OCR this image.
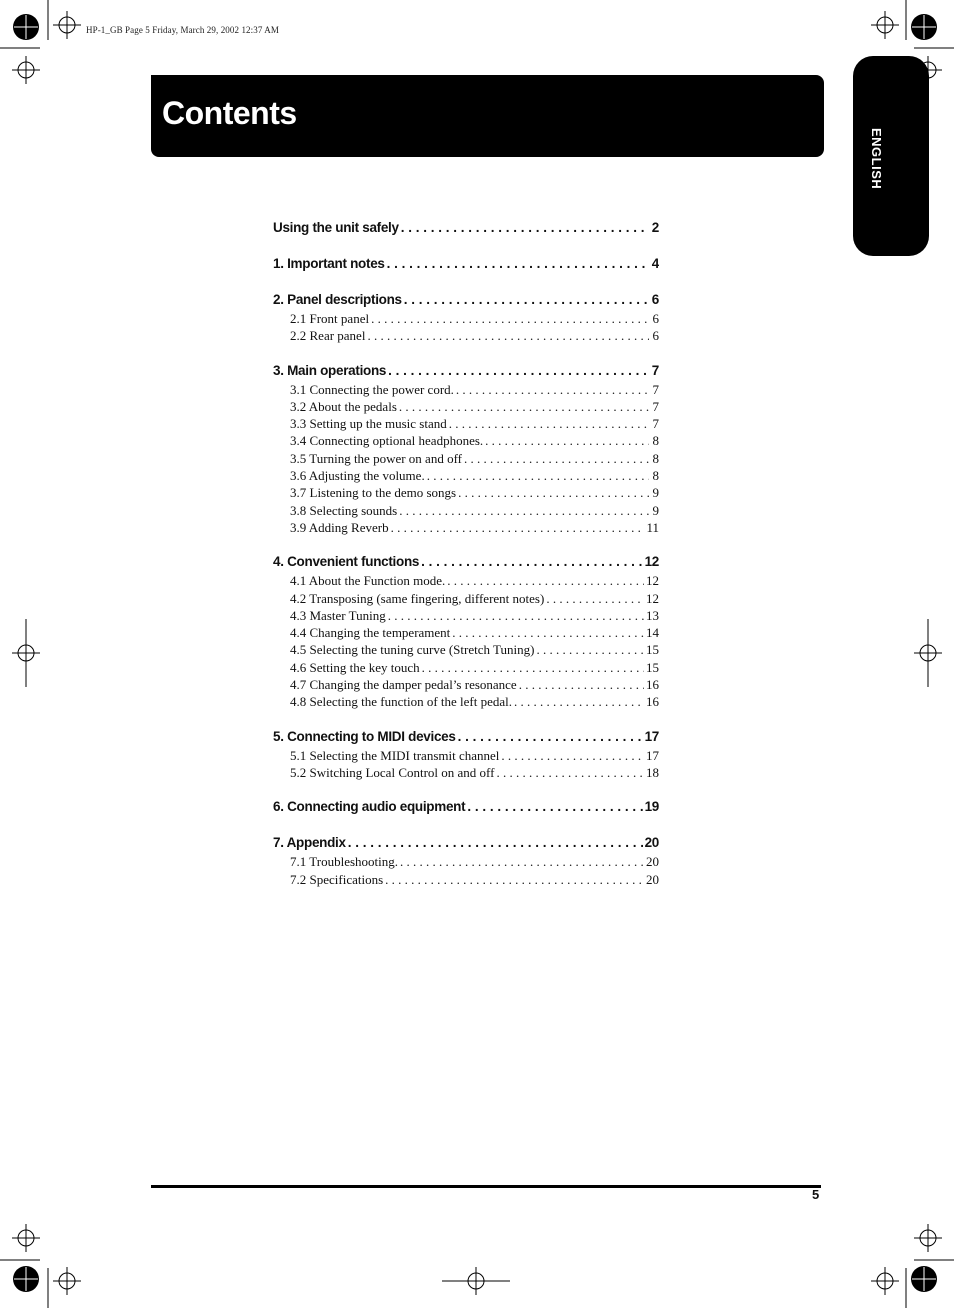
HP-1_GB Page 5 Friday, March 29, 2002 12:37 AM
Contents
ENGLISH
Using the unit safely . . .	2
1. Important notes . . .	4
2. Panel descriptions . . .	6
2.1 Front panel . . .	6
2.2 Rear panel . . .	6
3. Main operations . . .	7
3.1 Connecting the power cord. . . .	7
3.2 About the pedals . . .	7
3.3 Setting up the music stand . . .	7
3.4 Connecting optional headphones. . . .	8
3.5 Turning the power on and off . . .	8
3.6 Adjusting the volume. . . .	8
3.7 Listening to the demo songs . . .	9
3.8 Selecting sounds . . .	9
3.9 Adding Reverb . . .	11
4. Convenient functions . . .	12
4.1 About the Function mode. . . .	12
4.2 Transposing (same fingering, different notes) . . .	12
4.3 Master Tuning . . .	13
4.4 Changing the temperament . . .	14
4.5 Selecting the tuning curve (Stretch Tuning) . . .	15
4.6 Setting the key touch . . .	15
4.7 Changing the damper pedal’s resonance . . .	16
4.8 Selecting the function of the left pedal. . . .	16
5. Connecting to MIDI devices . . .	17
5.1 Selecting the MIDI transmit channel . . .	17
5.2 Switching Local Control on and off . . .	18
6. Connecting audio equipment . . .	19
7. Appendix . . .	20
7.1 Troubleshooting. . . .	20
7.2 Specifications . . .	20
5
